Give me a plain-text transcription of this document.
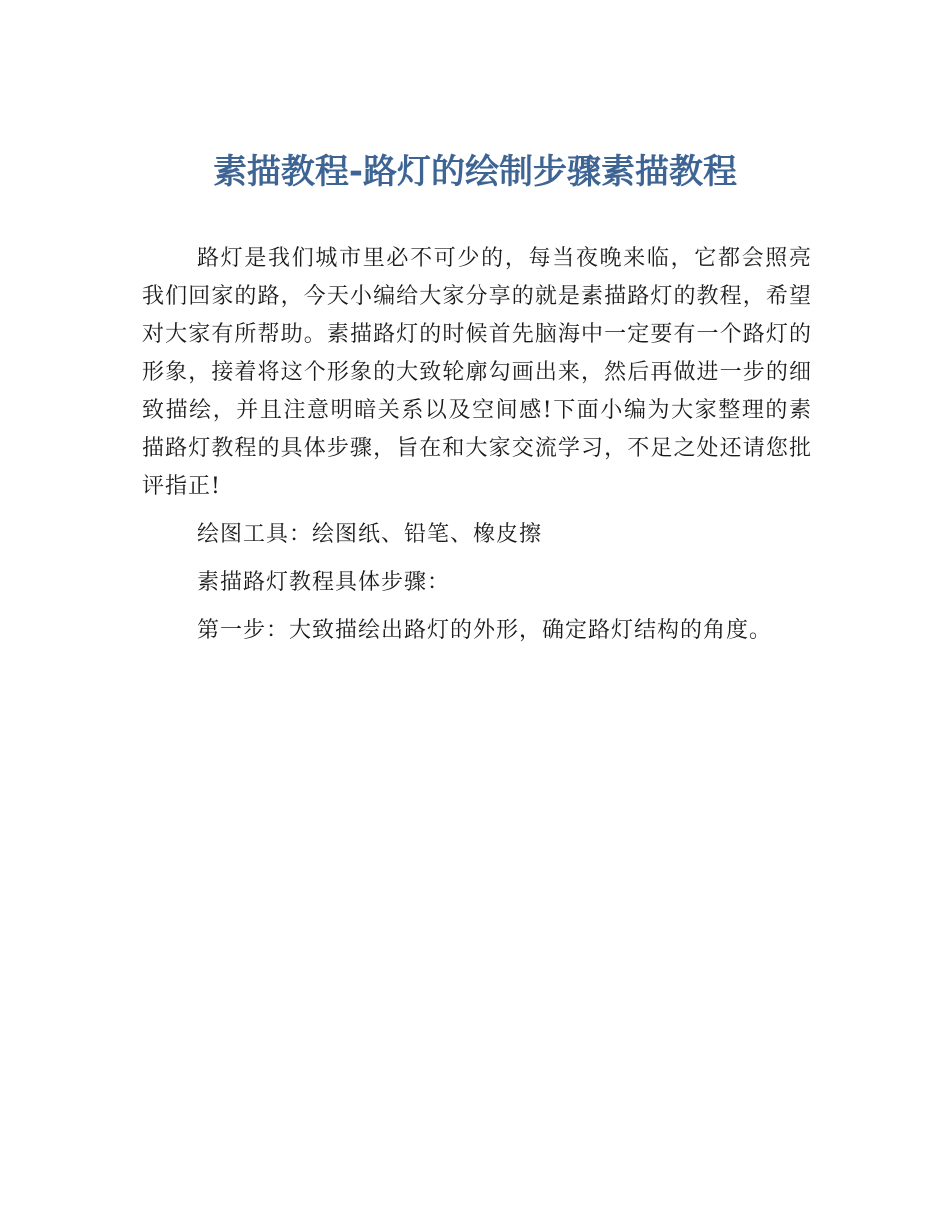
素描教程-路灯的绘制步骤素描教程

路灯是我们城市里必不可少的，每当夜晚来临，它都会照亮我们回家的路，今天小编给大家分享的就是素描路灯的教程，希望对大家有所帮助。素描路灯的时候首先脑海中一定要有一个路灯的形象，接着将这个形象的大致轮廓勾画出来，然后再做进一步的细致描绘，并且注意明暗关系以及空间感!下面小编为大家整理的素描路灯教程的具体步骤，旨在和大家交流学习，不足之处还请您批评指正!

绘图工具：绘图纸、铅笔、橡皮擦

素描路灯教程具体步骤：

第一步：大致描绘出路灯的外形，确定路灯结构的角度。
